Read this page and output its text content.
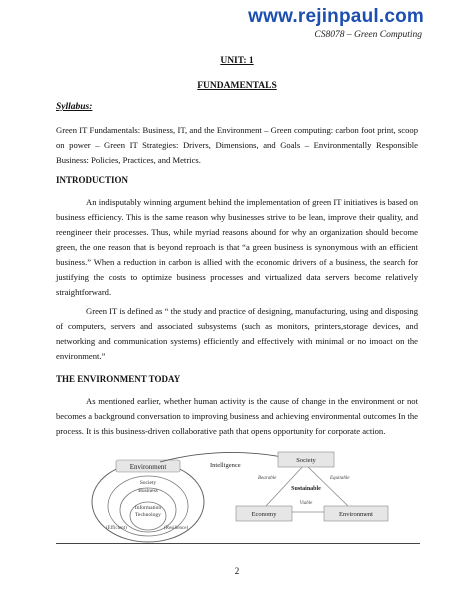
www.rejinpaul.com
CS8078 – Green Computing
UNIT: 1
FUNDAMENTALS
Syllabus:
Green IT Fundamentals: Business, IT, and the Environment – Green computing: carbon foot print, scoop on power – Green IT Strategies: Drivers, Dimensions, and Goals – Environmentally Responsible Business: Policies, Practices, and Metrics.
INTRODUCTION
An indisputably winning argument behind the implementation of green IT initiatives is based on business efficiency. This is the same reason why businesses strive to be lean, improve their quality, and reengineer their processes. Thus, while myriad reasons abound for why an organization should become green, the one reason that is beyond reproach is that “a green business is synonymous with an efficient business.” When a reduction in carbon is allied with the economic drivers of a business, the search for justifying the costs to optimize business processes and virtualized data servers become relatively straightforward.
Green IT is defined as “ the study and practice of designing, manufacturing, using and disposing of computers, servers and associated subsystems (such as monitors, printers,storage devices, and networking and communication systems) efficiently and effectively with minimal or no imoact on the environment.”
THE ENVIRONMENT TODAY
As mentioned earlier, whether human activity is the cause of change in the environment or not becomes a background conversation to improving business and achieving environmental outcomes In the process. It is this business-driven collaborative path that opens opportunity for corporate action.
Environment
Society
Business
Information
Technology
(Efficient)	(Resilience)
Intelligence
Society
Economy	Environment
Sustainable
Bearable	Equitable
Viable
2
